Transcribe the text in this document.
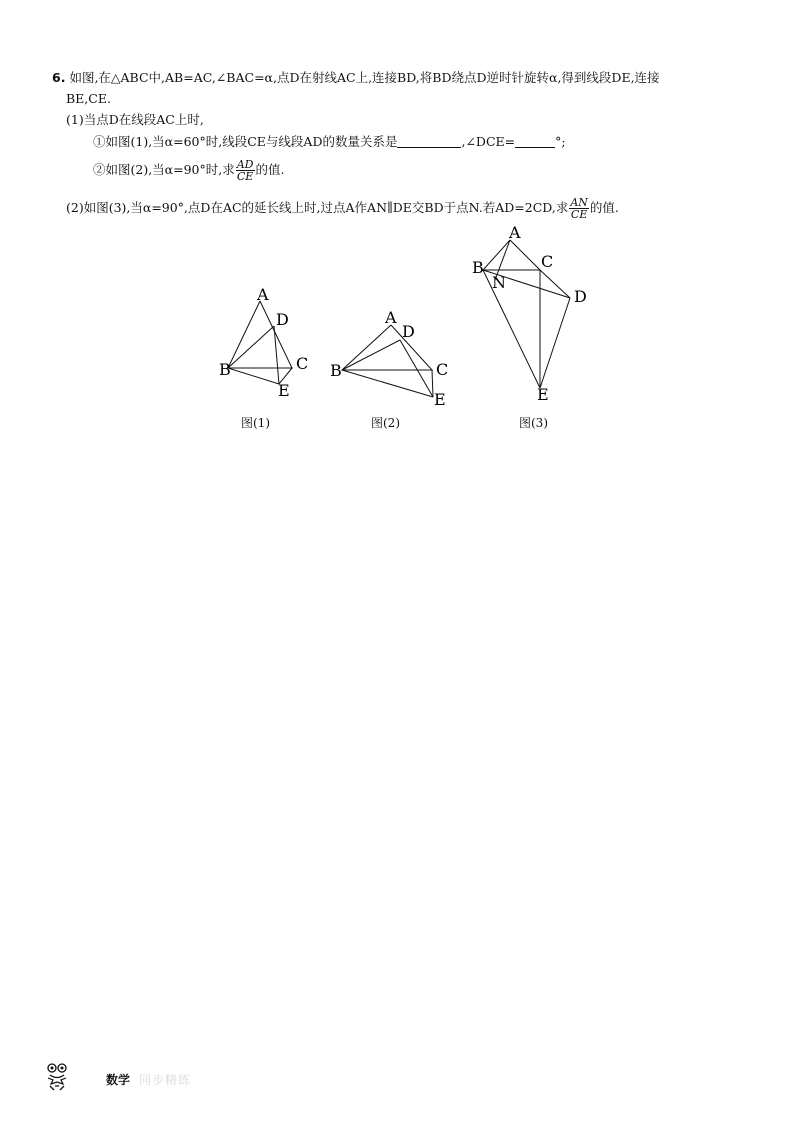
6. 如图,在△ABC中,AB=AC,∠BAC=α,点D在射线AC上,连接BD,将BD绕点D逆时针旋转α,得到线段DE,连接
BE,CE.
(1)当点D在线段AC上时,
①如图(1),当α=60°时,线段CE与线段AD的数量关系是	,∠DCE=	°;
②如图(2),当α=90°时,求 $\frac{AD}{CE}$ 的值.
(2)如图(3),当α=90°,点D在AC的延长线上时,过点A作AN∥DE交BD于点N.若AD=2CD,求 $\frac{AN}{CE}$ 的值.
A
D
C
B
E
A
D
C
B
E
A
C
B
N
D
E
图(1)	图(2)	图(3)
数学 同步精练
